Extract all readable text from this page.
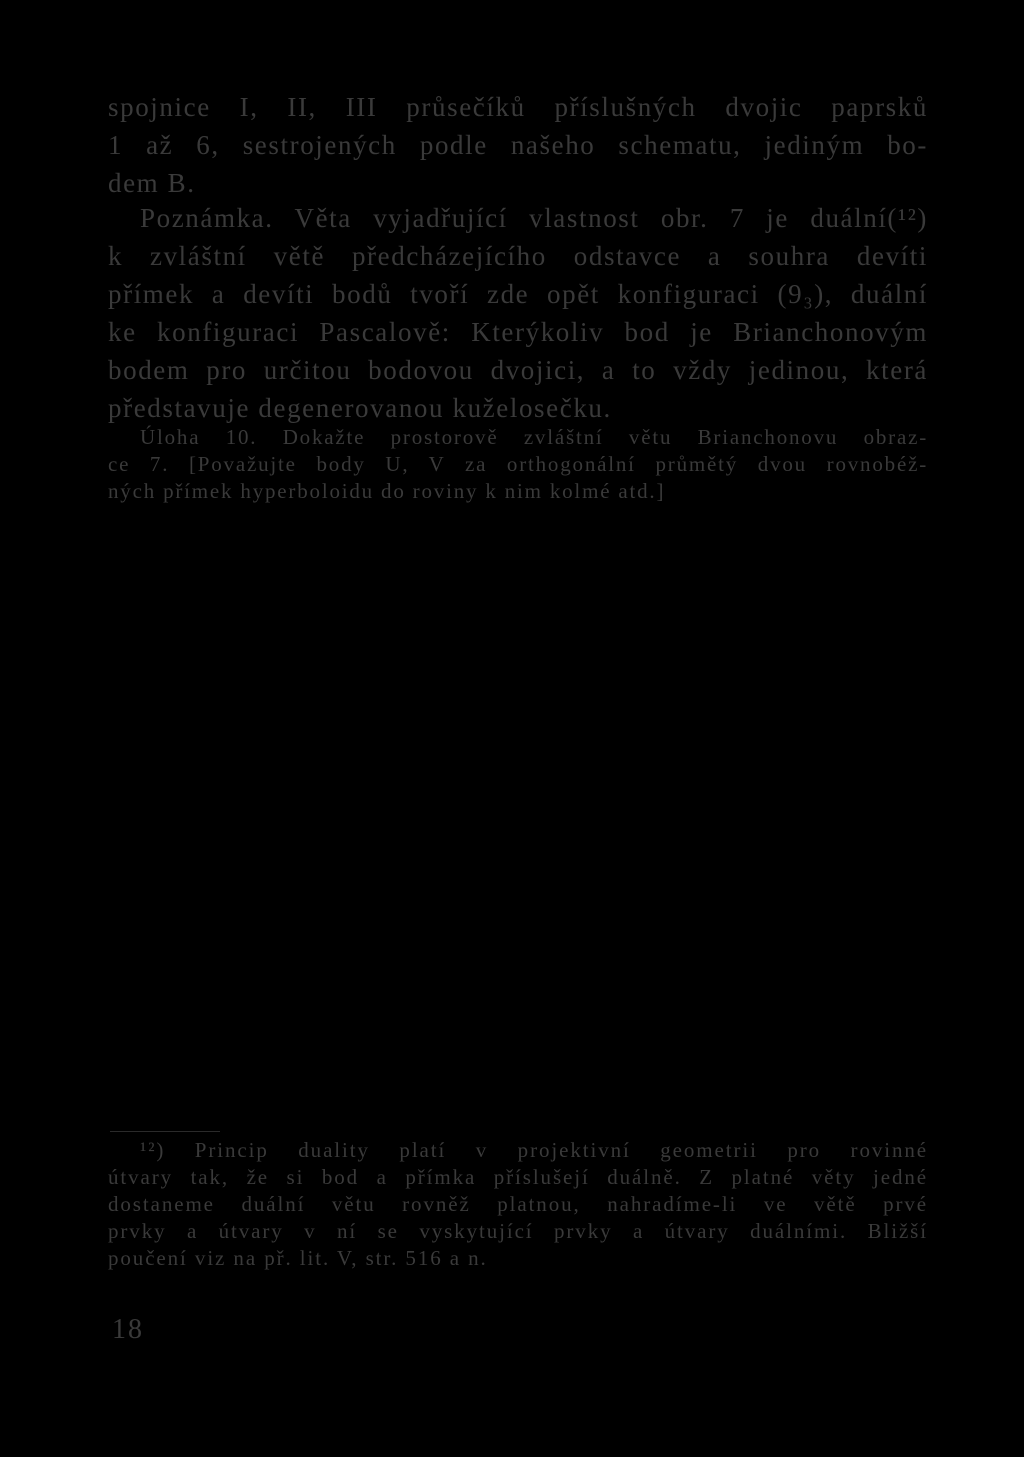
spojnice I, II, III průsečíků příslušných dvojic paprsků
1 až 6, sestrojených podle našeho schematu, jediným bo-
dem B.
Poznámka. Věta vyjadřující vlastnost obr. 7 je duální(¹²)
k zvláštní větě předcházejícího odstavce a souhra devíti
přímek a devíti bodů tvoří zde opět konfiguraci (9₃), duální
ke konfiguraci Pascalově: Kterýkoliv bod je Brianchonovým
bodem pro určitou bodovou dvojici, a to vždy jedinou, která
představuje degenerovanou kuželosečku.
Úloha 10. Dokažte prostorově zvláštní větu Brianchonovu obraz-
ce 7. [Považujte body U, V za orthogonální průmětý dvou rovnobéž-
ných přímek hyperboloidu do roviny k nim kolmé atd.]
¹²) Princip duality platí v projektivní geometrii pro rovinné
útvary tak, že si bod a přímka příslušejí duálně. Z platné věty jedné
dostaneme duální větu rovněž platnou, nahradíme-li ve větě prvé
prvky a útvary v ní se vyskytující prvky a útvary duálními. Bližší
poučení viz na př. lit. V, str. 516 a n.
18
